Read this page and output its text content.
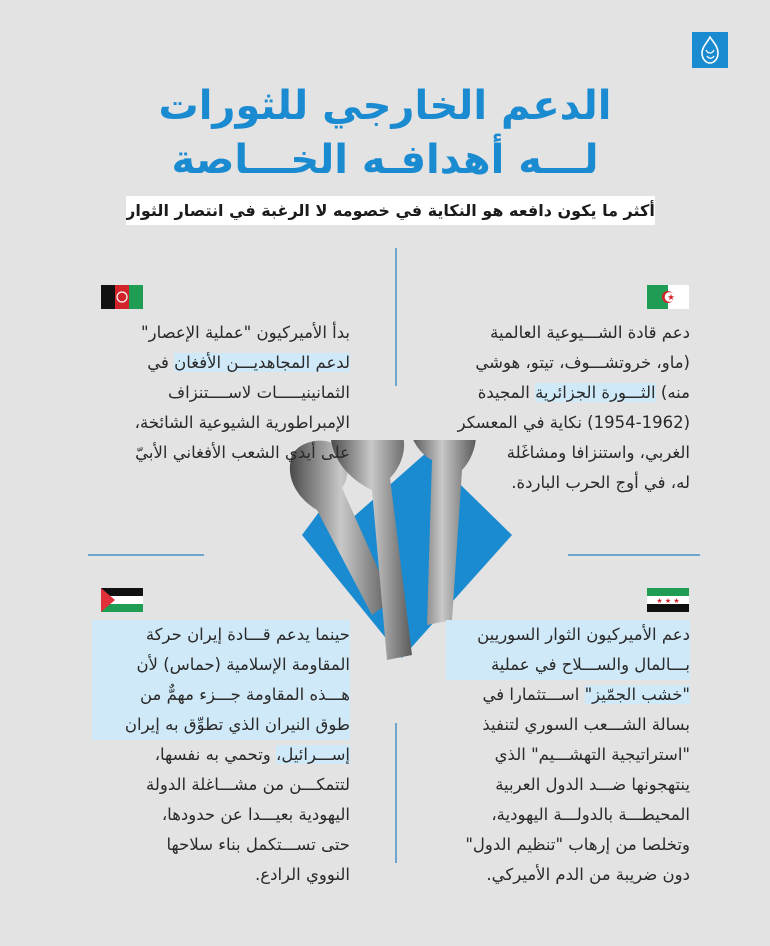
الدعم الخارجي للثورات
لـــه أهدافـه الخـــاصة
أكثر ما يكون دافعه هو النكاية في خصومه لا الرغبة في انتصار الثوار
دعم قادة الشـــيوعية العالمية
(ماو، خروتشـــوف، تيتو، هوشي
منه) الثـــورة الجزائرية المجيدة
(1954-1962) نكاية في المعسكر
الغربي، واستنزافا ومشاغَلة
له، في أوج الحرب الباردة.
بدأ الأميركيون "عملية الإعصار"
لدعم المجاهديـــن الأفغان في
الثمانينيـــــات لاســــتنزاف
الإمبراطورية الشيوعية الشائخة،
على أيدي الشعب الأفغاني الأبيّ
حينما يدعم قـــادة إيران حركة
المقاومة الإسلامية (حماس) لأن
هـــذه المقاومة جـــزء مهمٌّ من
طوق النيران الذي تطوِّق به إيران
إســـرائيل، وتحمي به نفسها،
لتتمكـــن من مشـــاغلة الدولة
اليهودية بعيـــدا عن حدودها،
حتى تســـتكمل بناء سلاحها
النووي الرادع.
★ ★ ★
دعم الأميركيون الثوار السوريين
بـــالمال والســـلاح في عملية
"خشب الجمّيز" اســـتثمارا في
بسالة الشـــعب السوري لتنفيذ
"استراتيجية التهشـــيم" الذي
ينتهجونها ضـــد الدول العربية
المحيطـــة بالدولـــة اليهودية،
وتخلصا من إرهاب "تنظيم الدول"
دون ضريبة من الدم الأميركي.
